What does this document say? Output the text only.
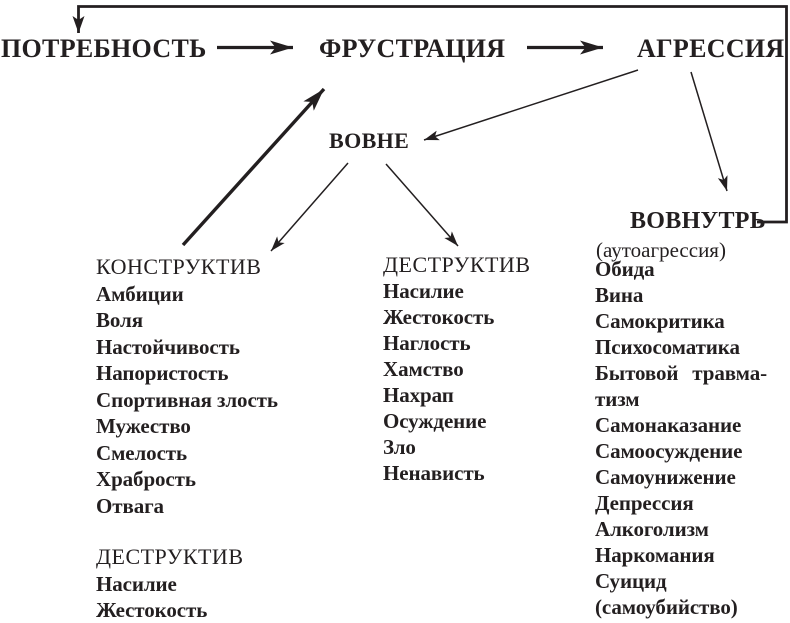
ПОТРЕБНОСТЬ	ФРУСТРАЦИЯ	АГРЕССИЯ
ВОВНЕ
ВОВНУТРЬ
(аутоагрессия)
КОНСТРУКТИВ
Амбиции
Воля
Настойчивость
Напористость
Спортивная злость
Мужество
Смелость
Храбрость
Отвага
ДЕСТРУКТИВ
Насилие
Жестокость
ДЕСТРУКТИВ
Насилие
Жестокость
Наглость
Хамство
Нахрап
Осуждение
Зло
Ненависть
Обида
Вина
Самокритика
Психосоматика
Бытовой травма-
тизм
Самонаказание
Самоосуждение
Самоунижение
Депрессия
Алкоголизм
Наркомания
Суицид
(самоубийство)
